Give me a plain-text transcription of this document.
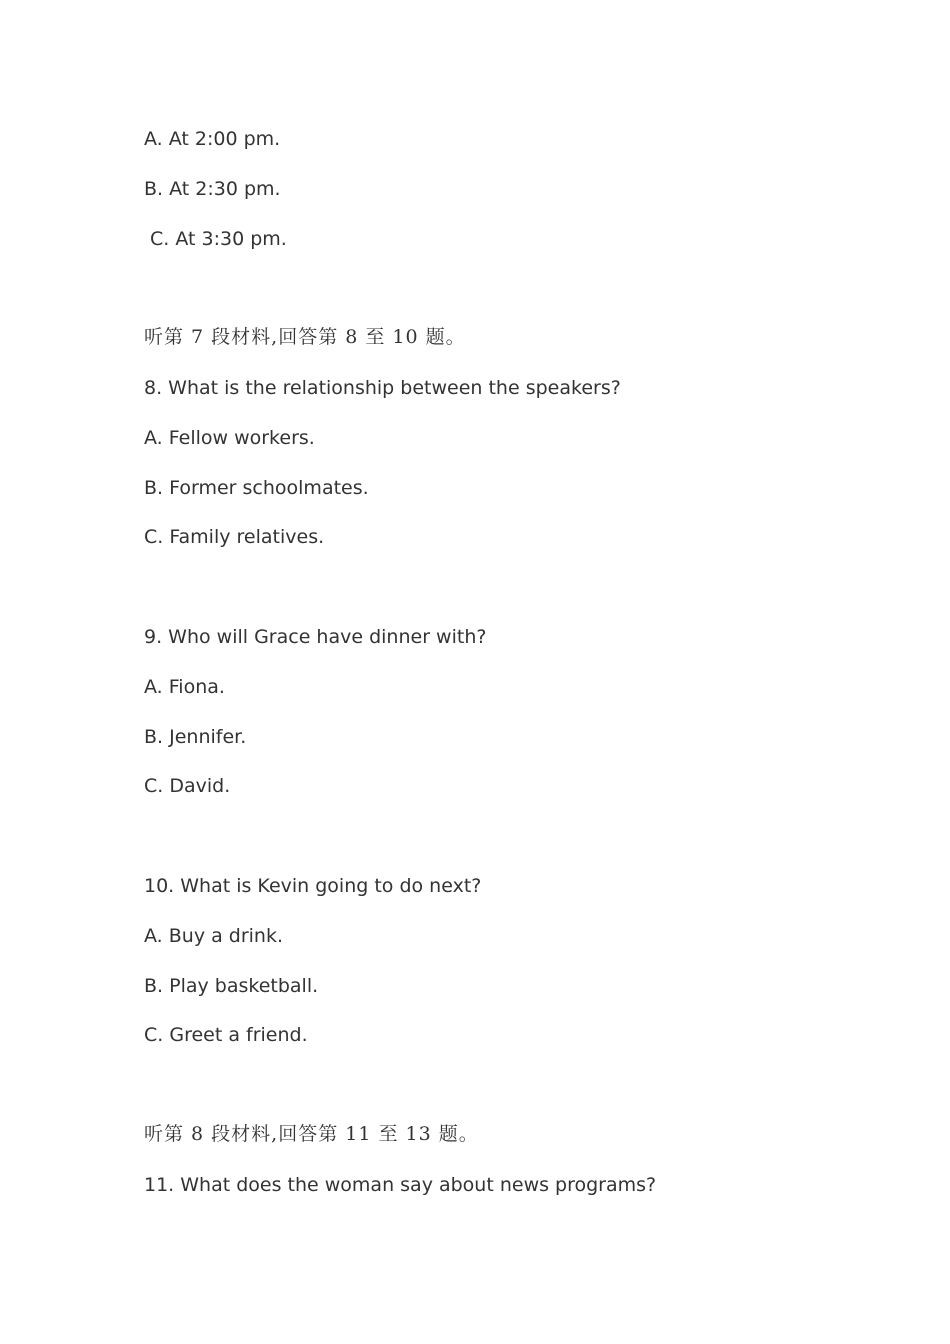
A. At 2:00 pm.
B. At 2:30 pm.
C. At 3:30 pm.
听第 7 段材料,回答第 8 至 10 题。
8. What is the relationship between the speakers?
A. Fellow workers.
B. Former schoolmates.
C. Family relatives.
9. Who will Grace have dinner with?
A. Fiona.
B. Jennifer.
C. David.
10. What is Kevin going to do next?
A. Buy a drink.
B. Play basketball.
C. Greet a friend.
听第 8 段材料,回答第 11 至 13 题。
11. What does the woman say about news programs?
